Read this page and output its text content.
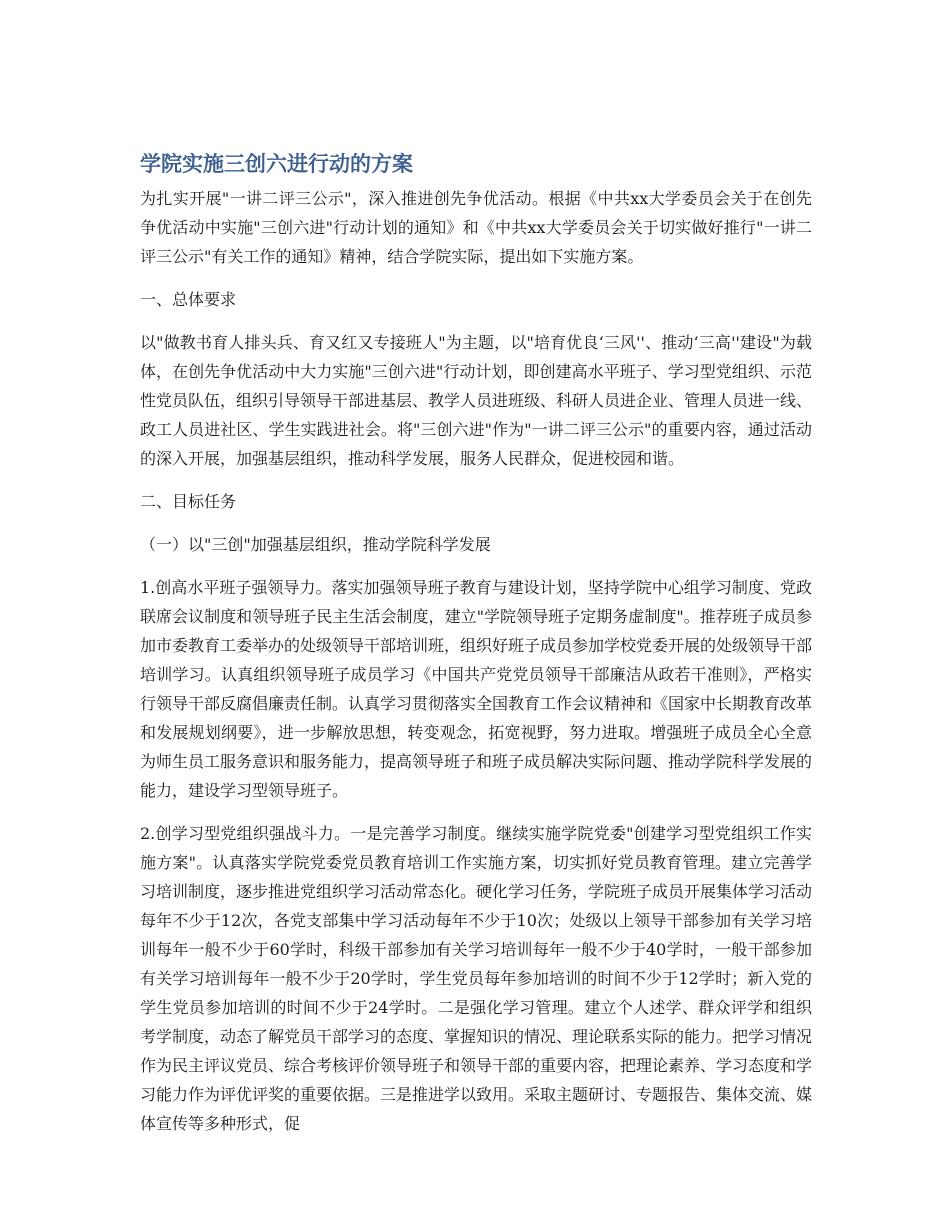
学院实施三创六进行动的方案

为扎实开展"一讲二评三公示"，深入推进创先争优活动。根据《中共xx大学委员会关于在创先争优活动中实施"三创六进"行动计划的通知》和《中共xx大学委员会关于切实做好推行"一讲二评三公示"有关工作的通知》精神，结合学院实际，提出如下实施方案。

一、总体要求

以"做教书育人排头兵、育又红又专接班人"为主题，以"培育优良‘三风''、推动‘三高''建设"为载体，在创先争优活动中大力实施"三创六进"行动计划，即创建高水平班子、学习型党组织、示范性党员队伍，组织引导领导干部进基层、教学人员进班级、科研人员进企业、管理人员进一线、政工人员进社区、学生实践进社会。将"三创六进"作为"一讲二评三公示"的重要内容，通过活动的深入开展，加强基层组织，推动科学发展，服务人民群众，促进校园和谐。

二、目标任务

（一）以"三创"加强基层组织，推动学院科学发展

1.创高水平班子强领导力。落实加强领导班子教育与建设计划，坚持学院中心组学习制度、党政联席会议制度和领导班子民主生活会制度，建立"学院领导班子定期务虚制度"。推荐班子成员参加市委教育工委举办的处级领导干部培训班，组织好班子成员参加学校党委开展的处级领导干部培训学习。认真组织领导班子成员学习《中国共产党党员领导干部廉洁从政若干准则》，严格实行领导干部反腐倡廉责任制。认真学习贯彻落实全国教育工作会议精神和《国家中长期教育改革和发展规划纲要》，进一步解放思想，转变观念，拓宽视野，努力进取。增强班子成员全心全意为师生员工服务意识和服务能力，提高领导班子和班子成员解决实际问题、推动学院科学发展的能力，建设学习型领导班子。

2.创学习型党组织强战斗力。一是完善学习制度。继续实施学院党委"创建学习型党组织工作实施方案"。认真落实学院党委党员教育培训工作实施方案，切实抓好党员教育管理。建立完善学习培训制度，逐步推进党组织学习活动常态化。硬化学习任务，学院班子成员开展集体学习活动每年不少于12次，各党支部集中学习活动每年不少于10次；处级以上领导干部参加有关学习培训每年一般不少于60学时，科级干部参加有关学习培训每年一般不少于40学时，一般干部参加有关学习培训每年一般不少于20学时，学生党员每年参加培训的时间不少于12学时；新入党的学生党员参加培训的时间不少于24学时。二是强化学习管理。建立个人述学、群众评学和组织考学制度，动态了解党员干部学习的态度、掌握知识的情况、理论联系实际的能力。把学习情况作为民主评议党员、综合考核评价领导班子和领导干部的重要内容，把理论素养、学习态度和学习能力作为评优评奖的重要依据。三是推进学以致用。采取主题研讨、专题报告、集体交流、媒体宣传等多种形式，促
